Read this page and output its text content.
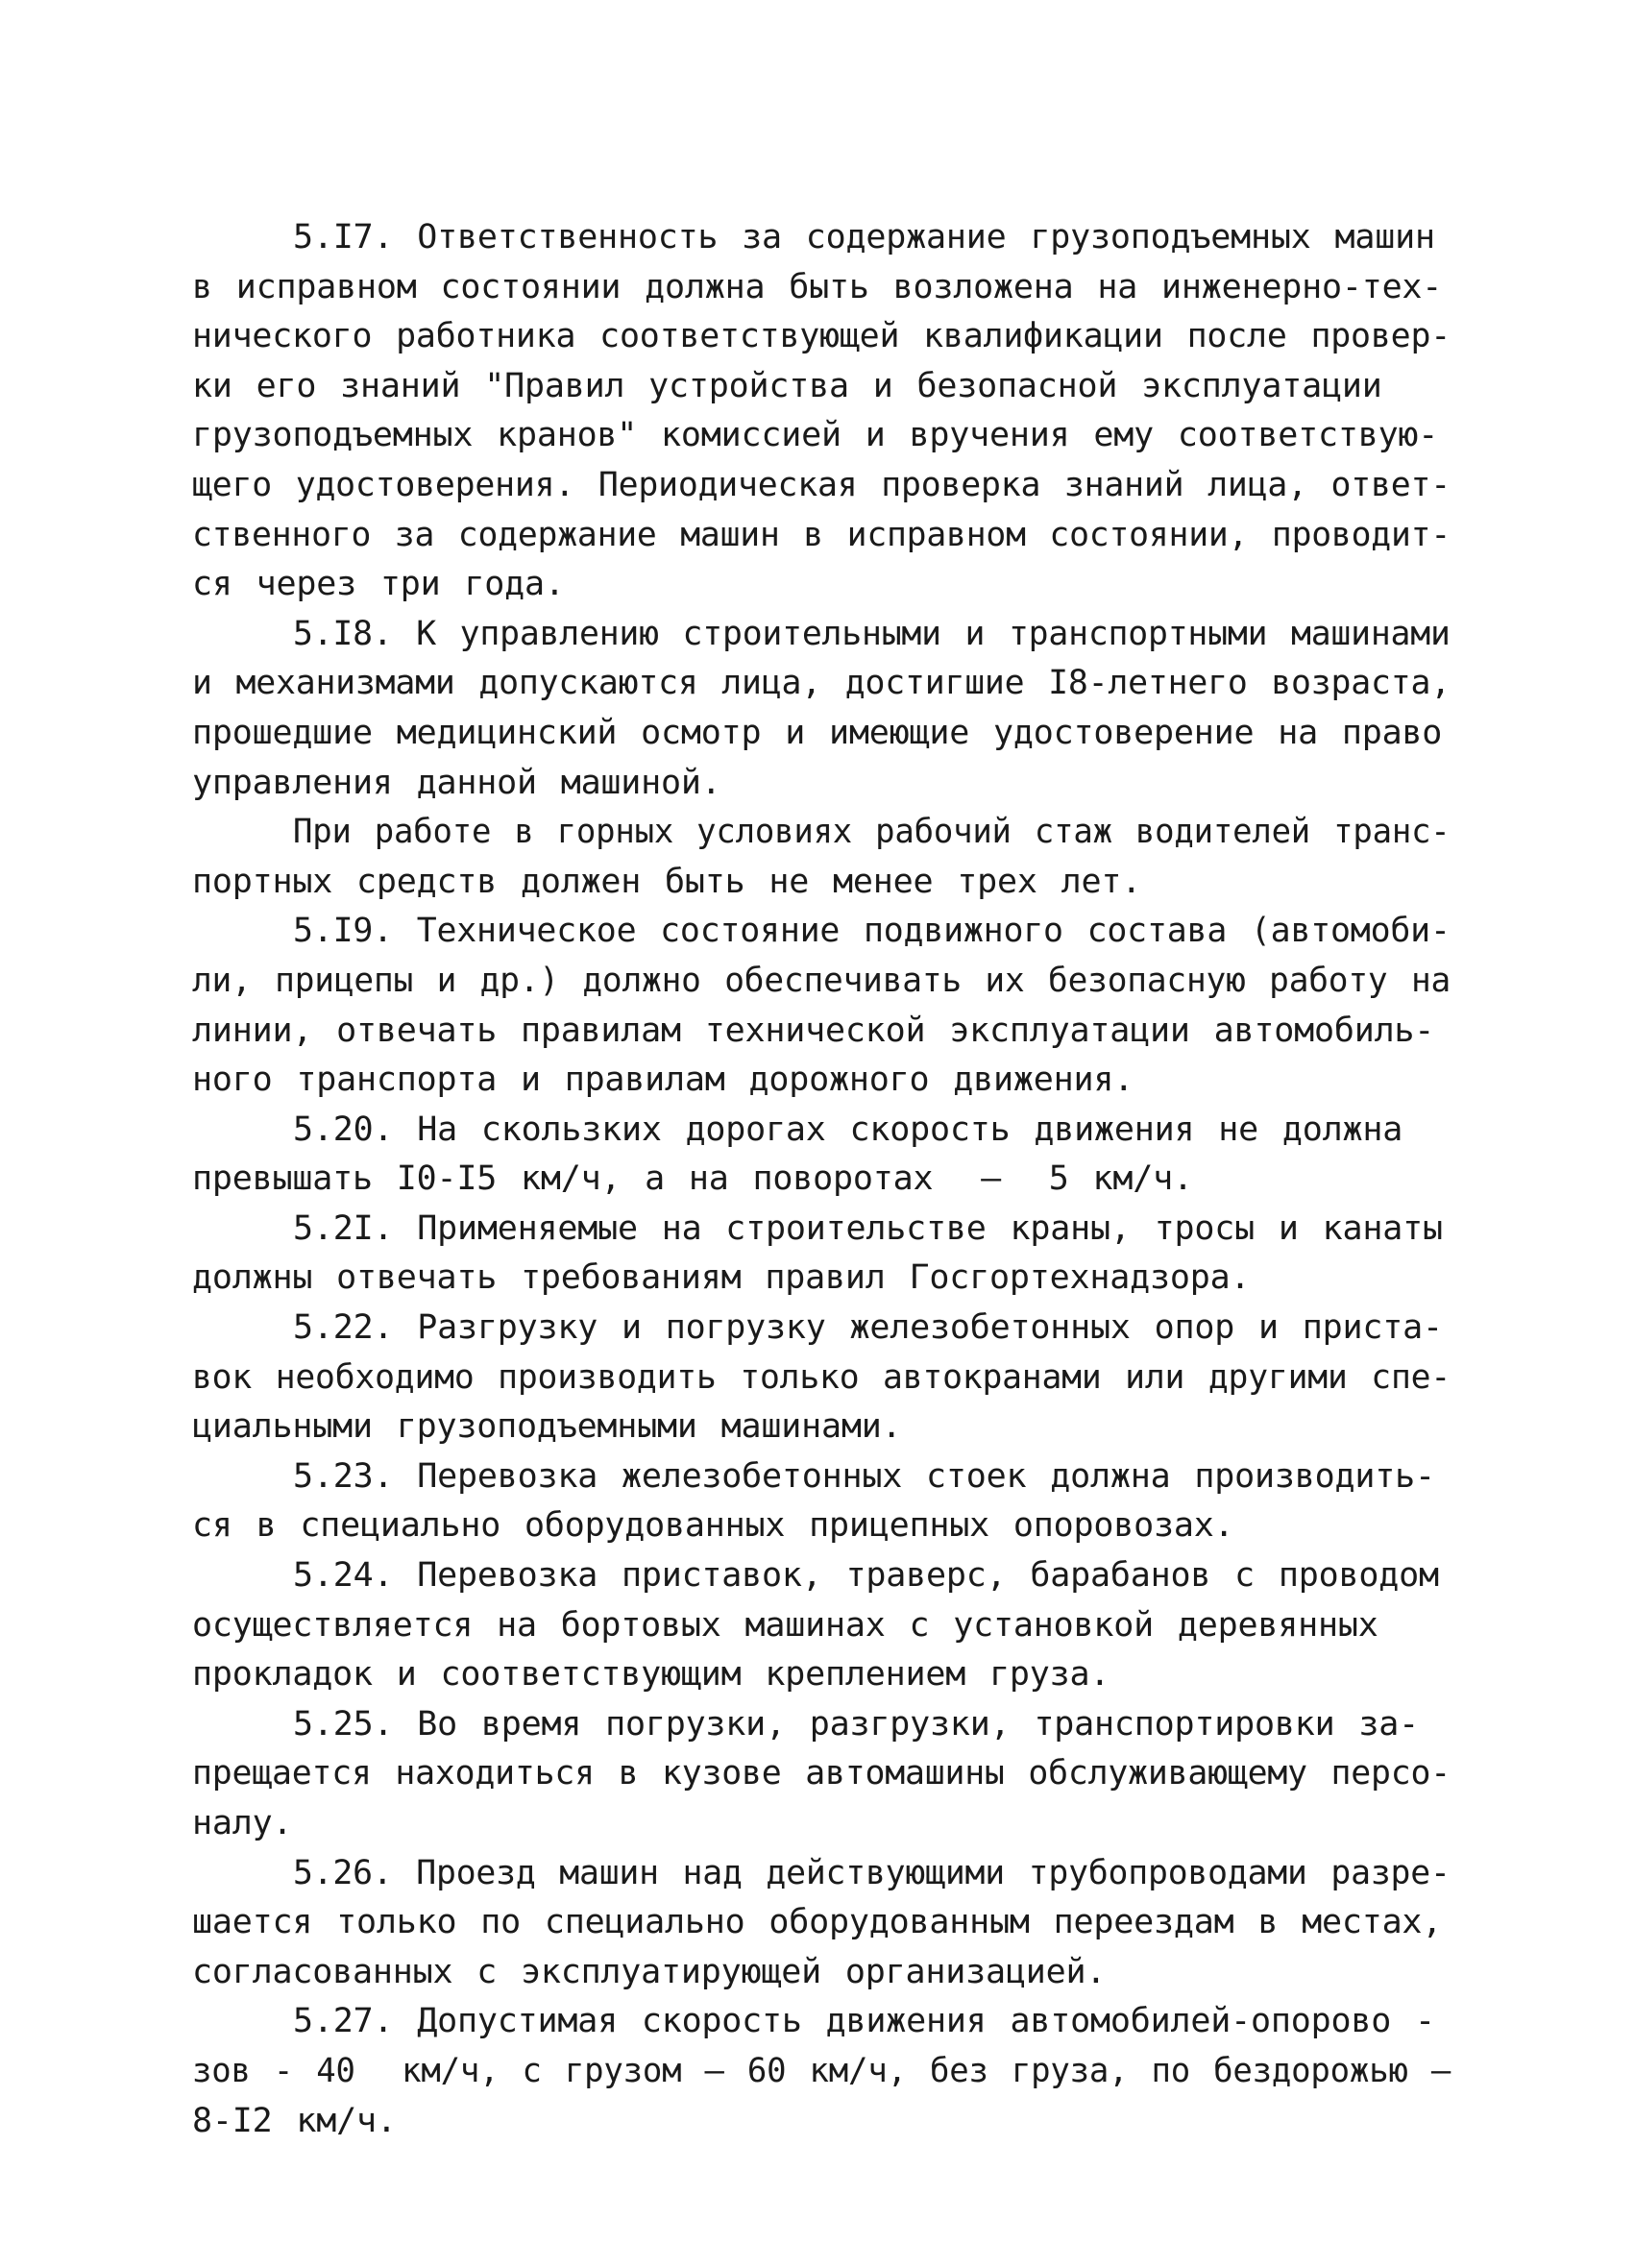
5.I7. Ответственность за содержание грузоподъемных машин
в исправном состоянии должна быть возложена на инженерно-тех-
нического работника соответствующей квалификации после провер-
ки его знаний "Правил устройства и безопасной эксплуатации
грузоподъемных кранов" комиссией и вручения ему соответствую-
щего удостоверения. Периодическая проверка знаний лица, ответ-
ственного за содержание машин в исправном состоянии, проводит-
ся через три года.
5.I8. К управлению строительными и транспортными машинами
и механизмами допускаются лица, достигшие I8-летнего возраста,
прошедшие медицинский осмотр и имеющие удостоверение на право
управления данной машиной.
При работе в горных условиях рабочий стаж водителей транс-
портных средств должен быть не менее трех лет.
5.I9. Техническое состояние подвижного состава (автомоби-
ли, прицепы и др.) должно обеспечивать их безопасную работу на
линии, отвечать правилам технической эксплуатации автомобиль-
ного транспорта и правилам дорожного движения.
5.20. На скользких дорогах скорость движения не должна
превышать I0-I5 км/ч, а на поворотах  –  5 км/ч.
5.2I. Применяемые на строительстве краны, тросы и канаты
должны отвечать требованиям правил Госгортехнадзора.
5.22. Разгрузку и погрузку железобетонных опор и пристa-
вок необходимо производить только автокранами или другими спе-
циальными грузоподъемными машинами.
5.23. Перевозка железобетонных стоек должна производить-
ся в специально оборудованных прицепных опоровозах.
5.24. Перевозка приставок, траверс, барабанов с проводом
осуществляется на бортовых машинах с установкой деревянных
прокладок и соответствующим креплением груза.
5.25. Во время погрузки, разгрузки, транспортировки за-
прещается находиться в кузове автомашины обслуживающему персо-
налу.
5.26. Проезд машин над действующими трубопроводами разре-
шается только по специально оборудованным переездам в местах,
согласованных с эксплуатирующей организацией.
5.27. Допустимая скорость движения автомобилей-опорово -
зов - 40  км/ч, с грузом – 60 км/ч, без груза, по бездорожью –
8-I2 км/ч.
